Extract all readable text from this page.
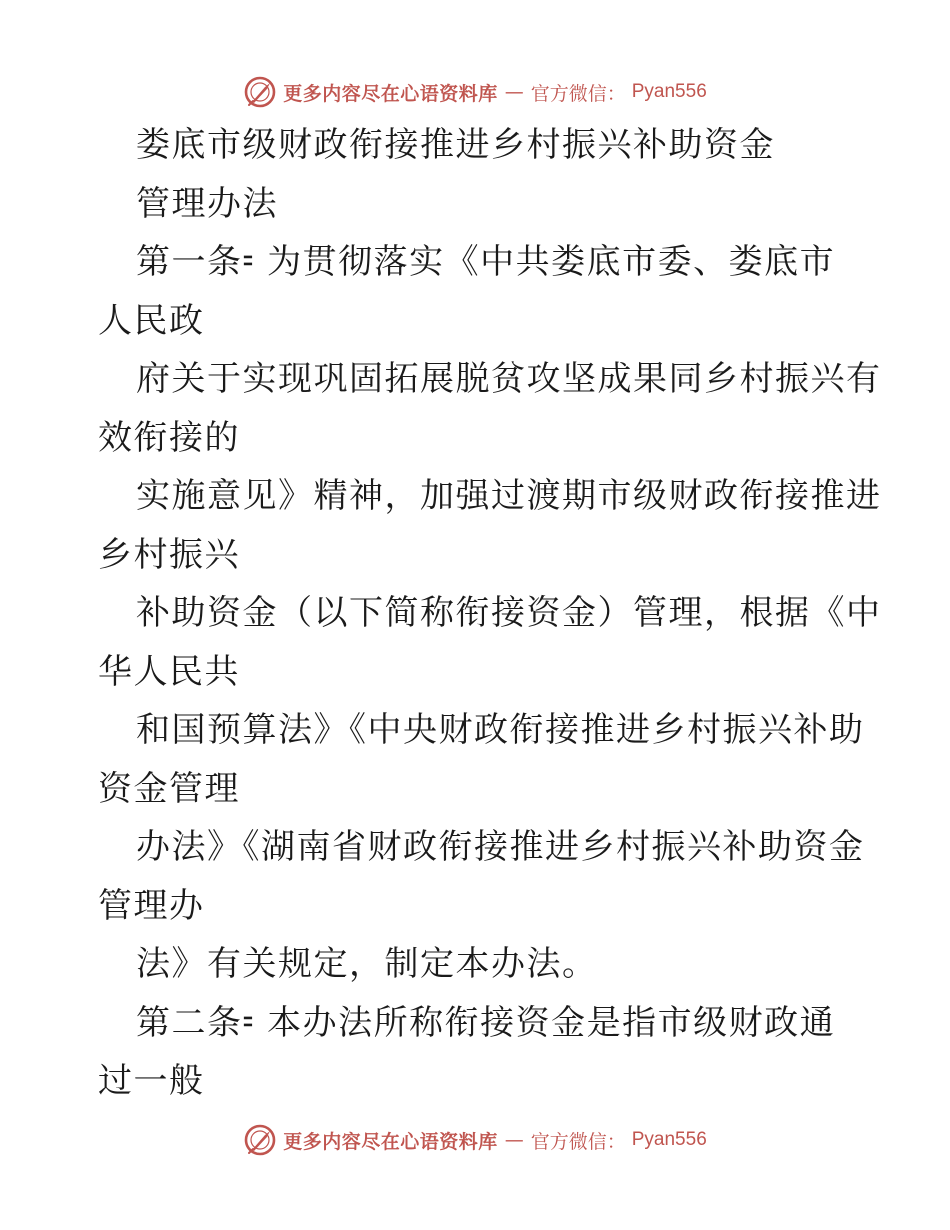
更多内容尽在心语资料库 — 官方微信： Pyan556
娄底市级财政衔接推进乡村振兴补助资金
管理办法
第一条⹀ 为贯彻落实《中共娄底市委、娄底市
人民政
府关于实现巩固拓展脱贫攻坚成果同乡村振兴有
效衔接的
实施意见》精神，加强过渡期市级财政衔接推进
乡村振兴
补助资金（以下简称衔接资金）管理，根据《中
华人民共
和国预算法》《中央财政衔接推进乡村振兴补助
资金管理
办法》《湖南省财政衔接推进乡村振兴补助资金
管理办
法》有关规定，制定本办法。
第二条⹀ 本办法所称衔接资金是指市级财政通
过一般
更多内容尽在心语资料库 — 官方微信： Pyan556
